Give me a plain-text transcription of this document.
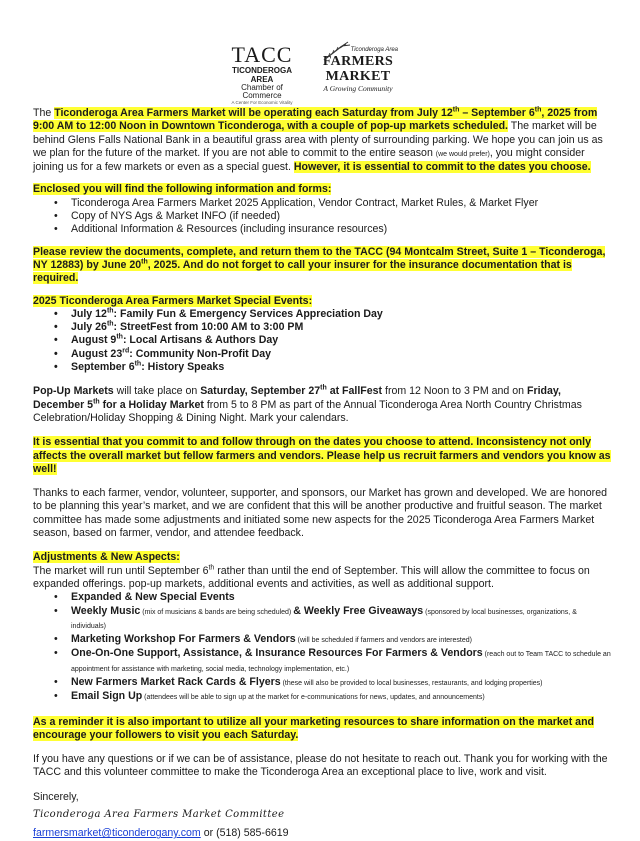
TACC
TICONDEROGA AREA
Chamber of Commerce
A Center For Economic Vitality
Ticonderoga Area
FARMERS MARKET
A Growing Community

The Ticonderoga Area Farmers Market will be operating each Saturday from July 12th – September 6th, 2025 from 9:00 AM to 12:00 Noon in Downtown Ticonderoga, with a couple of pop-up markets scheduled. The market will be behind Glens Falls National Bank in a beautiful grass area with plenty of surrounding parking. We hope you can join us as we plan for the future of the market. If you are not able to commit to the entire season (we would prefer), you might consider joining us for a few markets or even as a special guest. However, it is essential to commit to the dates you choose.

Enclosed you will find the following information and forms:

• Ticonderoga Area Farmers Market 2025 Application, Vendor Contract, Market Rules, & Market Flyer
• Copy of NYS Ags & Market INFO (if needed)
• Additional Information & Resources (including insurance resources)

Please review the documents, complete, and return them to the TACC (94 Montcalm Street, Suite 1 – Ticonderoga, NY 12883) by June 20th, 2025. And do not forget to call your insurer for the insurance documentation that is required.

2025 Ticonderoga Area Farmers Market Special Events:

• July 12th: Family Fun & Emergency Services Appreciation Day
• July 26th: StreetFest from 10:00 AM to 3:00 PM
• August 9th: Local Artisans & Authors Day
• August 23rd: Community Non-Profit Day
• September 6th: History Speaks

Pop-Up Markets will take place on Saturday, September 27th at FallFest from 12 Noon to 3 PM and on Friday, December 5th for a Holiday Market from 5 to 8 PM as part of the Annual Ticonderoga Area North Country Christmas Celebration/Holiday Shopping & Dining Night. Mark your calendars.

It is essential that you commit to and follow through on the dates you choose to attend. Inconsistency not only affects the overall market but fellow farmers and vendors. Please help us recruit farmers and vendors you know as well!

Thanks to each farmer, vendor, volunteer, supporter, and sponsors, our Market has grown and developed. We are honored to be planning this year’s market, and we are confident that this will be another productive and fruitful season. The market committee has made some adjustments and initiated some new aspects for the 2025 Ticonderoga Area Farmers Market season, based on farmer, vendor, and attendee feedback.

Adjustments & New Aspects:

The market will run until September 6th rather than until the end of September. This will allow the committee to focus on expanded offerings. pop-up markets, additional events and activities, as well as additional support.

• Expanded & New Special Events
• Weekly Music (mix of musicians & bands are being scheduled) & Weekly Free Giveaways (sponsored by local businesses, organizations, & individuals)
• Marketing Workshop For Farmers & Vendors (will be scheduled if farmers and vendors are interested)
• One-On-One Support, Assistance, & Insurance Resources For Farmers & Vendors (reach out to Team TACC to schedule an appointment for assistance with marketing, social media, technology implementation, etc.)
• New Farmers Market Rack Cards & Flyers (these will also be provided to local businesses, restaurants, and lodging properties)
• Email Sign Up (attendees will be able to sign up at the market for e-communications for news, updates, and announcements)

As a reminder it is also important to utilize all your marketing resources to share information on the market and encourage your followers to visit you each Saturday.

If you have any questions or if we can be of assistance, please do not hesitate to reach out. Thank you for working with the TACC and this volunteer committee to make the Ticonderoga Area an exceptional place to live, work and visit.

Sincerely,

Ticonderoga Area Farmers Market Committee

farmersmarket@ticonderogany.com or (518) 585-6619
